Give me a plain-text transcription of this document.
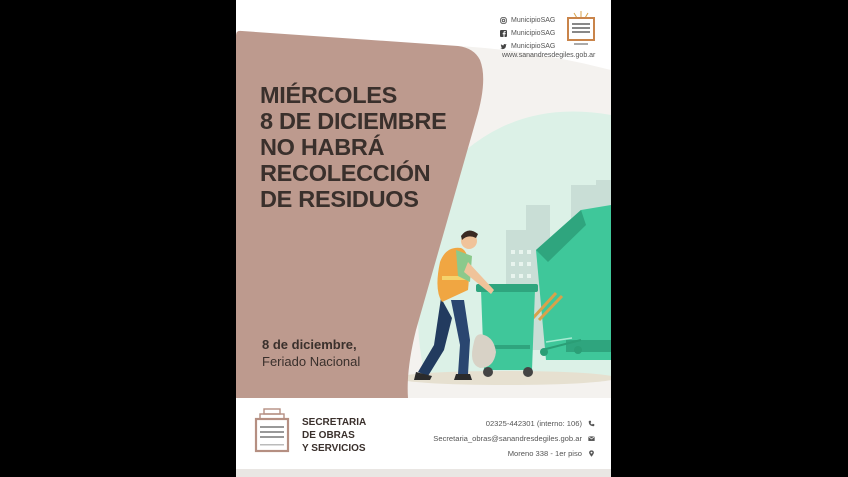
MunicipioSAG
MunicipioSAG
MunicipioSAG
www.sanandresdegiles.gob.ar
MIÉRCOLES
8 DE DICIEMBRE
NO HABRÁ
RECOLECCIÓN
DE RESIDUOS
8 de diciembre,
Feriado Nacional
SECRETARIA
DE OBRAS
Y SERVICIOS
02325-442301 (interno: 106)
Secretaria_obras@sanandresdegiles.gob.ar
Moreno 338 - 1er piso
